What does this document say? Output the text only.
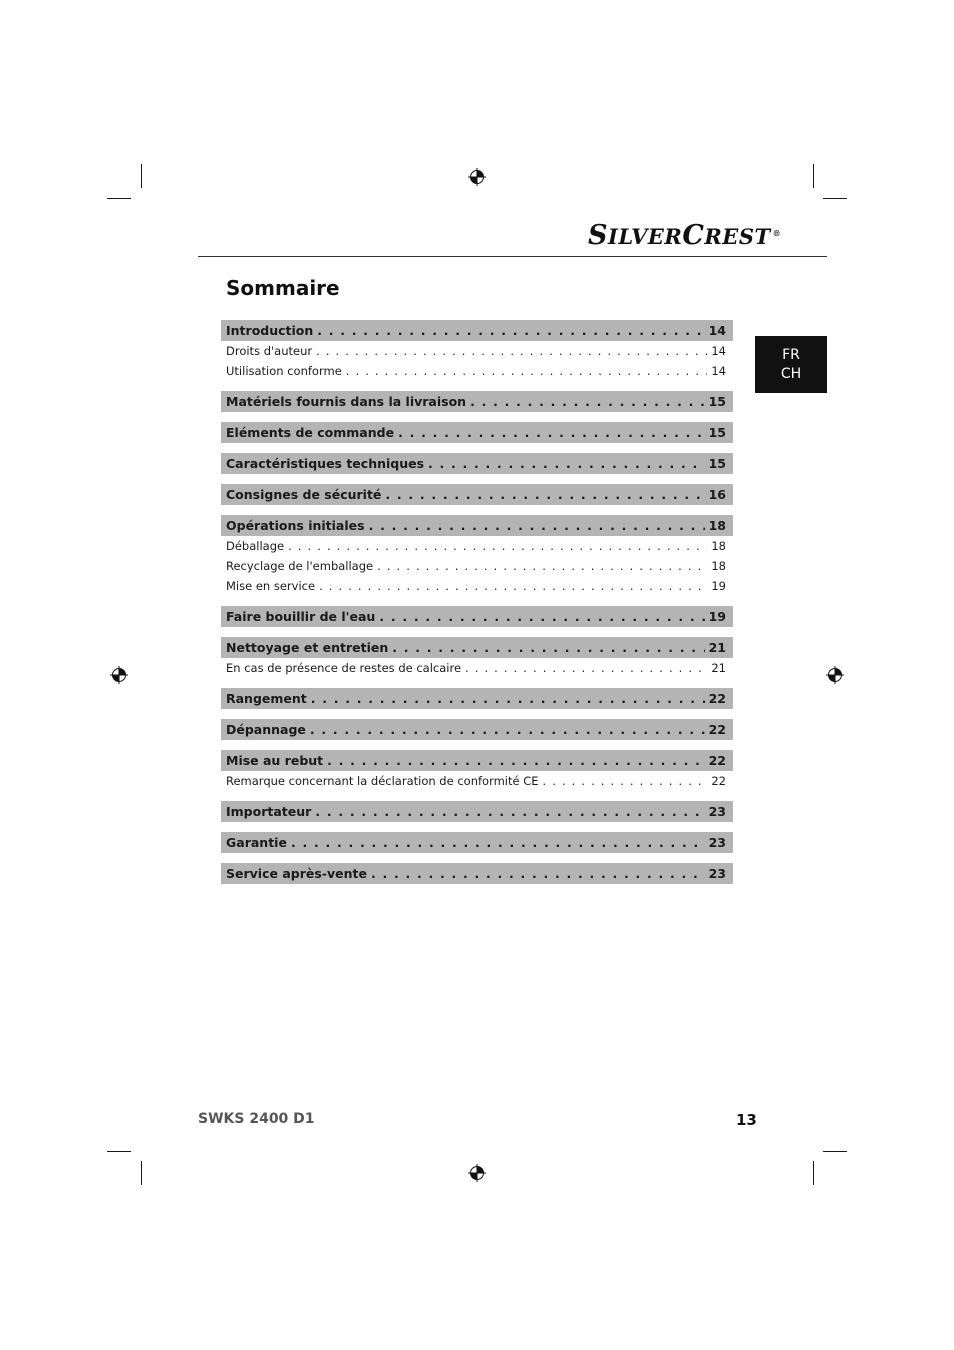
S ILVER C REST ®
Sommaire
FR
CH
Introduction . . .	14
Droits d'auteur . . .	14
Utilisation conforme . . .	14
Matériels fournis dans la livraison . . .	15
Eléments de commande . . .	15
Caractéristiques techniques . . .	15
Consignes de sécurité . . .	16
Opérations initiales . . .	18
Déballage . . .	18
Recyclage de l'emballage . . .	18
Mise en service . . .	19
Faire bouillir de l'eau . . .	19
Nettoyage et entretien . . .	21
En cas de présence de restes de calcaire . . .	21
Rangement . . .	22
Dépannage . . .	22
Mise au rebut . . .	22
Remarque concernant la déclaration de conformité CE . . .	22
Importateur . . .	23
Garantie . . .	23
Service après-vente . . .	23
SWKS 2400 D1	13
